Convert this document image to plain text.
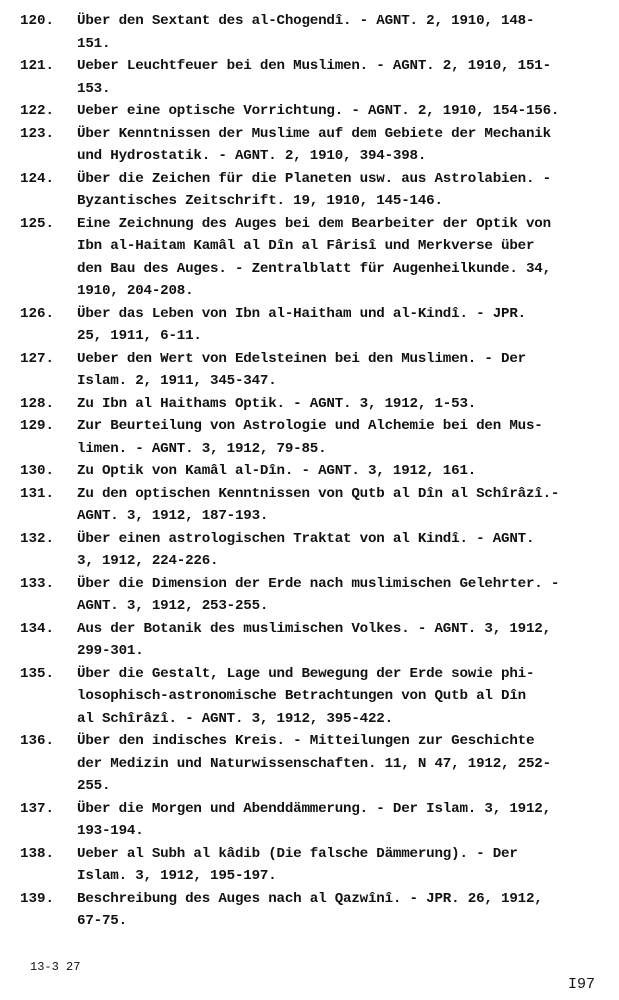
120.	Über den Sextant des al-Chogendî. - AGNT. 2, 1910, 148-
151.
121.	Ueber Leuchtfeuer bei den Muslimen. - AGNT. 2, 1910, 151-
153.
122.	Ueber eine optische Vorrichtung. - AGNT. 2, 1910, 154-156.
123.	Über Kenntnissen der Muslime auf dem Gebiete der Mechanik
und Hydrostatik. - AGNT. 2, 1910, 394-398.
124.	Über die Zeichen für die Planeten usw. aus Astrolabien. -
Byzantisches Zeitschrift. 19, 1910, 145-146.
125.	Eine Zeichnung des Auges bei dem Bearbeiter der Optik von
Ibn al-Haitam Kamâl al Dîn al Fârisî und Merkverse über
den Bau des Auges. - Zentralblatt für Augenheilkunde. 34,
1910, 204-208.
126.	Über das Leben von Ibn al-Haitham und al-Kindî. - JPR.
25, 1911, 6-11.
127.	Ueber den Wert von Edelsteinen bei den Muslimen. - Der
Islam. 2, 1911, 345-347.
128.	Zu Ibn al Haithams Optik. - AGNT. 3, 1912, 1-53.
129.	Zur Beurteilung von Astrologie und Alchemie bei den Mus-
limen. - AGNT. 3, 1912, 79-85.
130.	Zu Optik von Kamâl al-Dîn. - AGNT. 3, 1912, 161.
131.	Zu den optischen Kenntnissen von Qutb al Dîn al Schîrâzî.-
AGNT. 3, 1912, 187-193.
132.	Über einen astrologischen Traktat von al Kindî. - AGNT.
3, 1912, 224-226.
133.	Über die Dimension der Erde nach muslimischen Gelehrter. -
AGNT. 3, 1912, 253-255.
134.	Aus der Botanik des muslimischen Volkes. - AGNT. 3, 1912,
299-301.
135.	Über die Gestalt, Lage und Bewegung der Erde sowie phi-
losophisch-astronomische Betrachtungen von Qutb al Dîn
al Schîrâzî. - AGNT. 3, 1912, 395-422.
136.	Über den indisches Kreis. - Mitteilungen zur Geschichte
der Medizin und Naturwissenschaften. 11, N 47, 1912, 252-
255.
137.	Über die Morgen und Abenddämmerung. - Der Islam. 3, 1912,
193-194.
138.	Ueber al Subh al kâdib (Die falsche Dämmerung). - Der
Islam. 3, 1912, 195-197.
139.	Beschreibung des Auges nach al Qazwînî. - JPR. 26, 1912,
67-75.
13-3 27
I97
